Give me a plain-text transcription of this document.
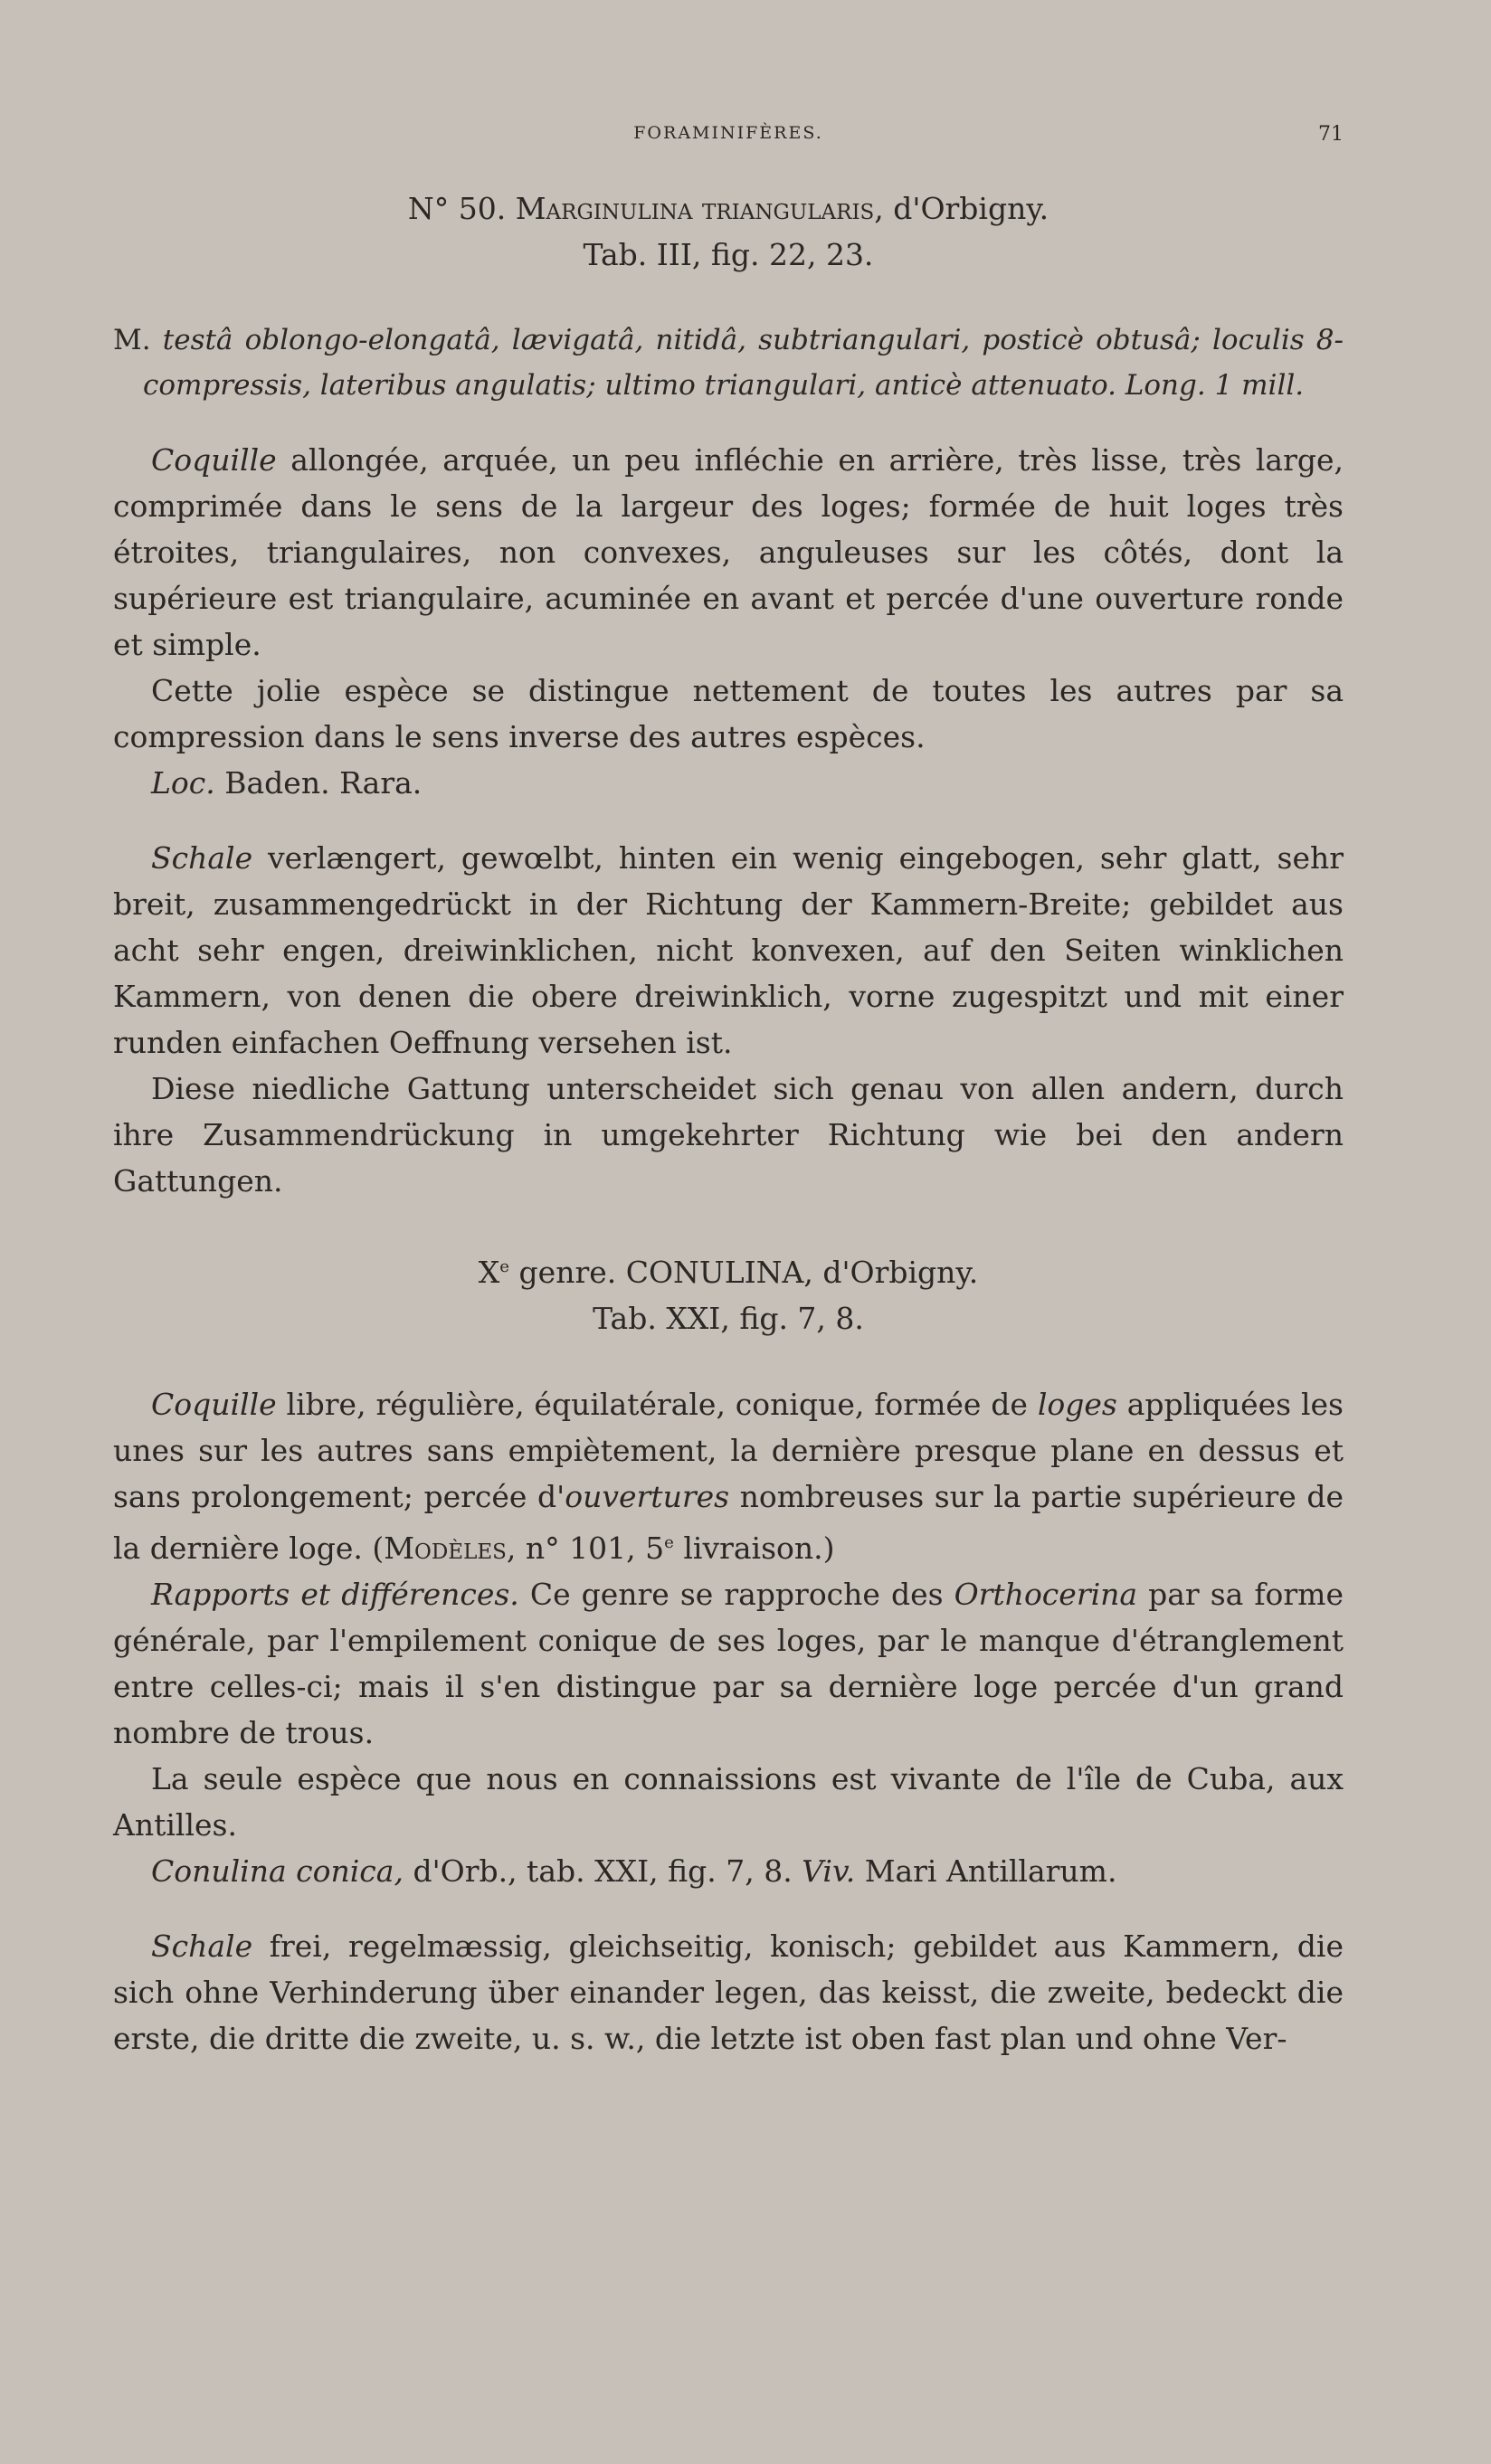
FORAMINIFÈRES.	71

N° 50. Marginulina triangularis, d'Orbigny.

Tab. III, fig. 22, 23.

M. testâ oblongo-elongatâ, lævigatâ, nitidâ, subtriangulari, posticè obtusâ; loculis 8-compressis, lateribus angulatis; ultimo triangulari, anticè attenuato. Long. 1 mill.

Coquille allongée, arquée, un peu infléchie en arrière, très lisse, très large, comprimée dans le sens de la largeur des loges; formée de huit loges très étroites, triangulaires, non convexes, anguleuses sur les côtés, dont la supérieure est triangulaire, acuminée en avant et percée d'une ouverture ronde et simple.

Cette jolie espèce se distingue nettement de toutes les autres par sa compression dans le sens inverse des autres espèces.

Loc. Baden. Rara.

Schale verlængert, gewœlbt, hinten ein wenig eingebogen, sehr glatt, sehr breit, zusammengedrückt in der Richtung der Kammern-Breite; gebildet aus acht sehr engen, dreiwinklichen, nicht konvexen, auf den Seiten winklichen Kammern, von denen die obere dreiwinklich, vorne zugespitzt und mit einer runden einfachen Oeffnung versehen ist.

Diese niedliche Gattung unterscheidet sich genau von allen andern, durch ihre Zusammendrückung in umgekehrter Richtung wie bei den andern Gattungen.

Xe genre. CONULINA, d'Orbigny.

Tab. XXI, fig. 7, 8.

Coquille libre, régulière, équilatérale, conique, formée de loges appliquées les unes sur les autres sans empiètement, la dernière presque plane en dessus et sans prolongement; percée d'ouvertures nombreuses sur la partie supérieure de la dernière loge. (Modèles, n° 101, 5e livraison.)

Rapports et différences. Ce genre se rapproche des Orthocerina par sa forme générale, par l'empilement conique de ses loges, par le manque d'étranglement entre celles-ci; mais il s'en distingue par sa dernière loge percée d'un grand nombre de trous.

La seule espèce que nous en connaissions est vivante de l'île de Cuba, aux Antilles.

Conulina conica, d'Orb., tab. XXI, fig. 7, 8. Viv. Mari Antillarum.

Schale frei, regelmæssig, gleichseitig, konisch; gebildet aus Kammern, die sich ohne Verhinderung über einander legen, das keisst, die zweite, bedeckt die erste, die dritte die zweite, u. s. w., die letzte ist oben fast plan und ohne Ver-
